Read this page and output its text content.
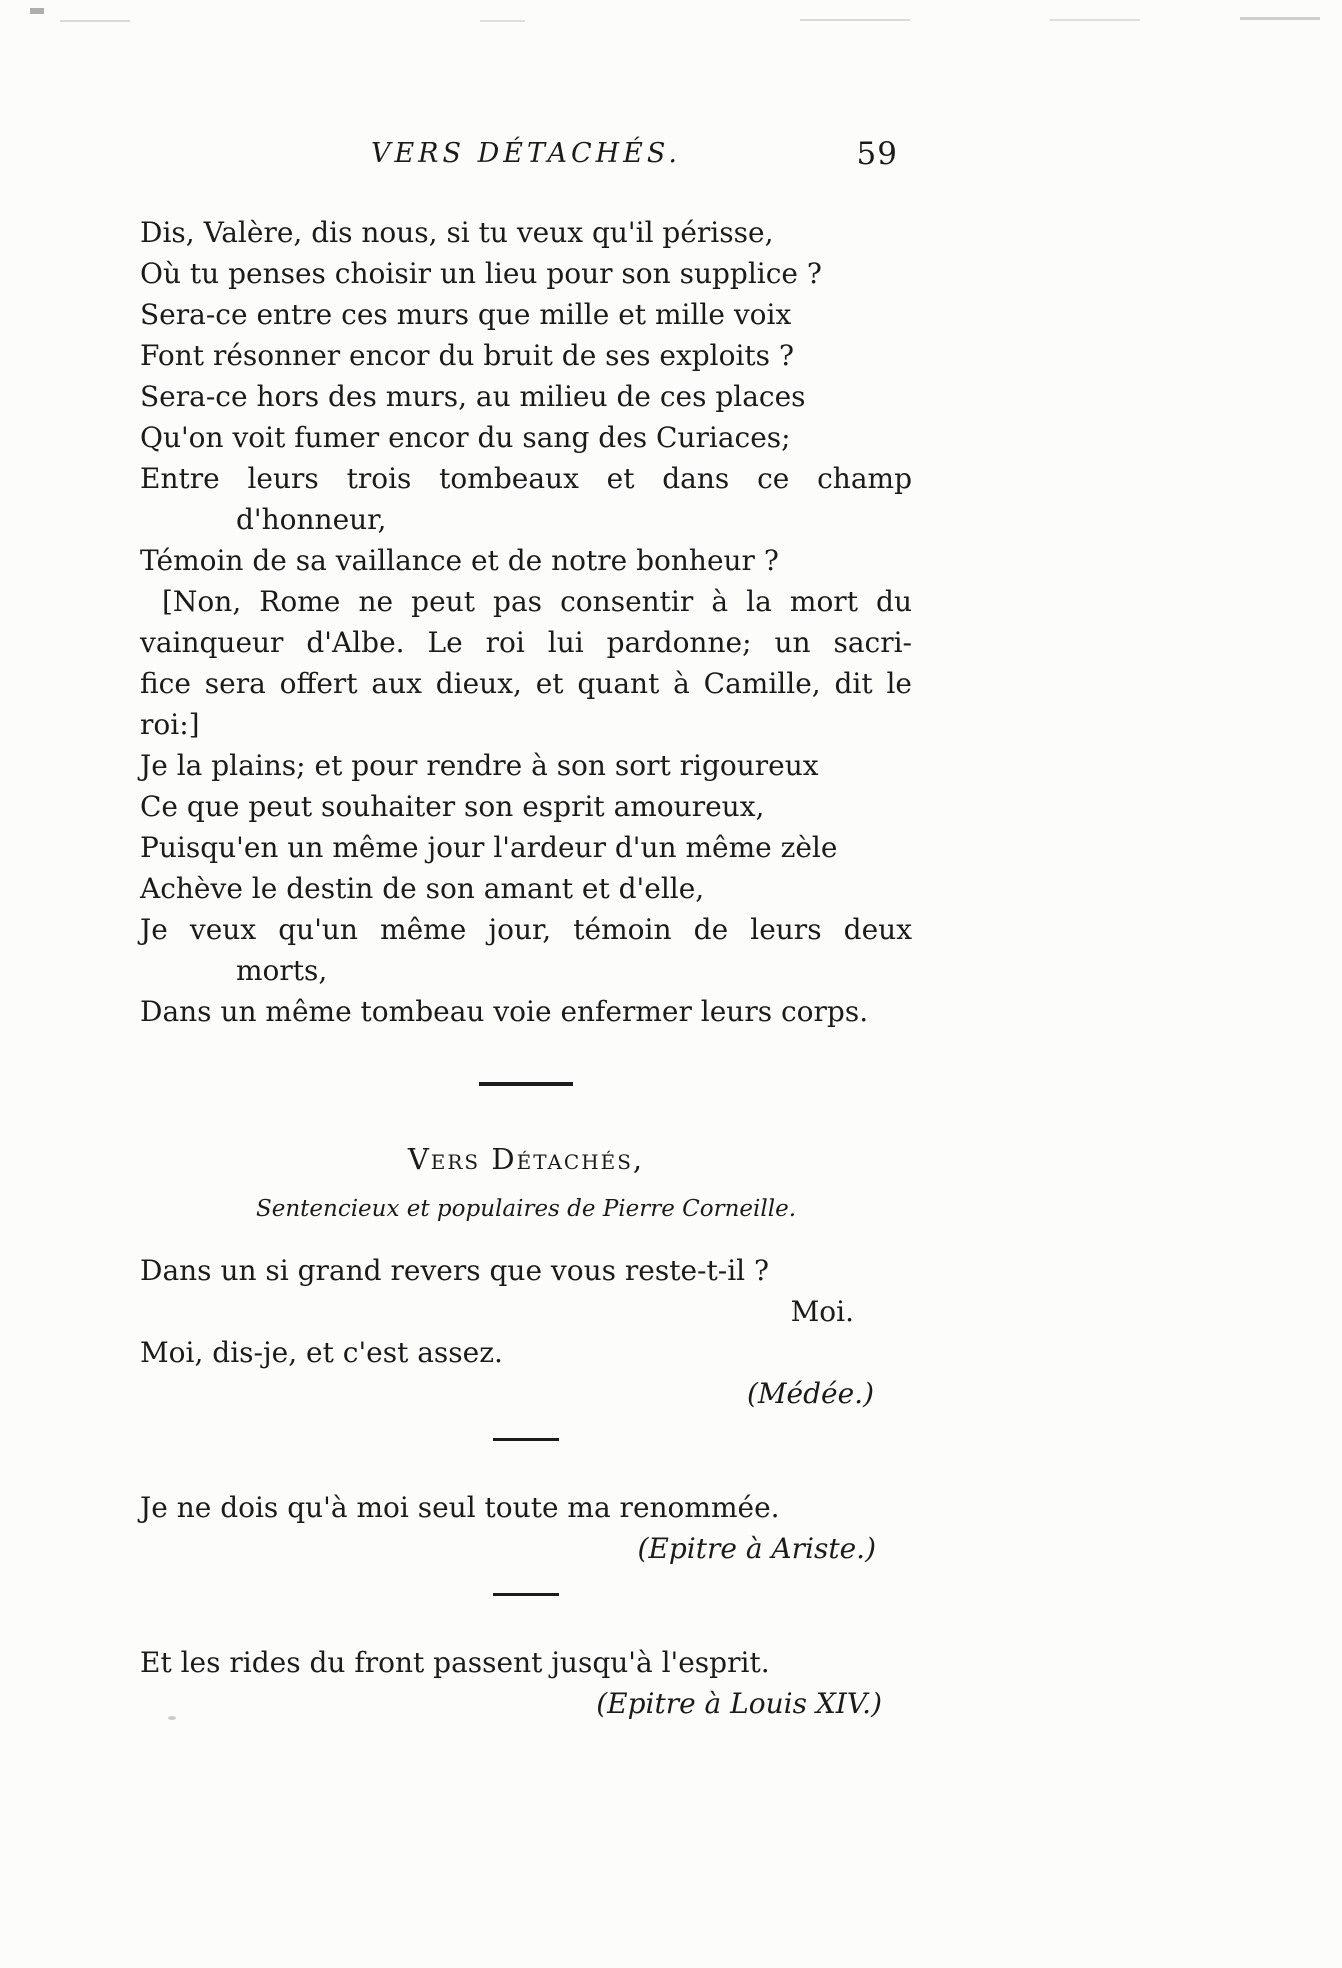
VERS DÉTACHÉS.	59
Dis, Valère, dis nous, si tu veux qu'il périsse,
Où tu penses choisir un lieu pour son supplice ?
Sera-ce entre ces murs que mille et mille voix
Font résonner encor du bruit de ses exploits ?
Sera-ce hors des murs, au milieu de ces places
Qu'on voit fumer encor du sang des Curiaces;
Entre leurs trois tombeaux et dans ce champ
d'honneur,
Témoin de sa vaillance et de notre bonheur ?
[Non, Rome ne peut pas consentir à la mort du
vainqueur d'Albe. Le roi lui pardonne; un sacri-
fice sera offert aux dieux, et quant à Camille, dit le
roi:]
Je la plains; et pour rendre à son sort rigoureux
Ce que peut souhaiter son esprit amoureux,
Puisqu'en un même jour l'ardeur d'un même zèle
Achève le destin de son amant et d'elle,
Je veux qu'un même jour, témoin de leurs deux
morts,
Dans un même tombeau voie enfermer leurs corps.
Vers Détachés,
Sentencieux et populaires de Pierre Corneille.
Dans un si grand revers que vous reste-t-il ?
Moi.
Moi, dis-je, et c'est assez.
(Médée.)
Je ne dois qu'à moi seul toute ma renommée.
(Epitre à Ariste.)
Et les rides du front passent jusqu'à l'esprit.
(Epitre à Louis XIV.)
